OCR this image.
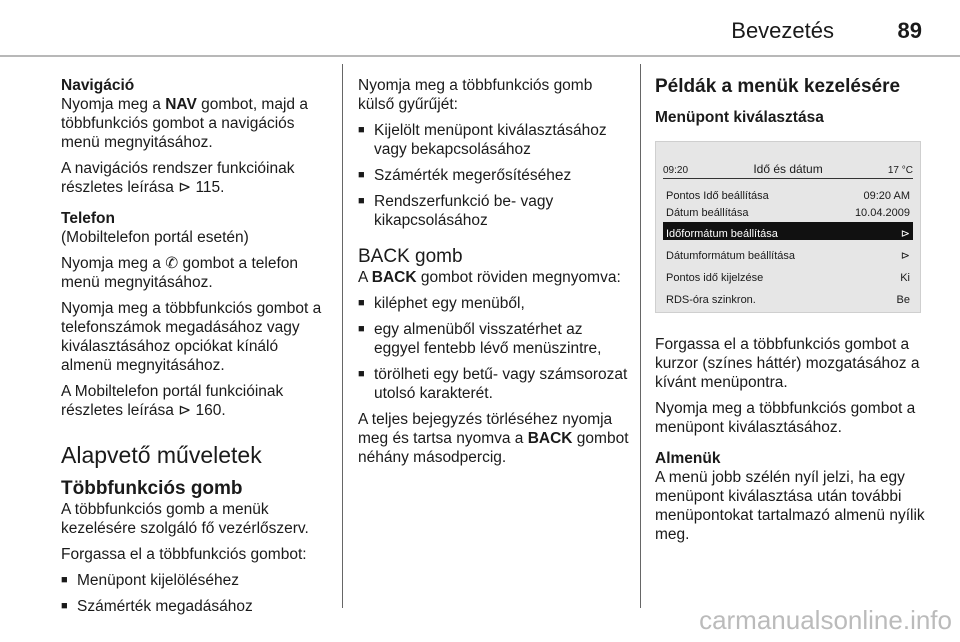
Bevezetés	89
Navigáció

Nyomja meg a NAV gombot, majd a többfunkciós gombot a navigációs menü megnyitásához.

A navigációs rendszer funkcióinak részletes leírása ⊳ 115.

Telefon

(Mobiltelefon portál esetén)

Nyomja meg a ✆ gombot a telefon menü megnyitásához.

Nyomja meg a többfunkciós gombot a telefonszámok megadásához vagy kiválasztásához opciókat kínáló almenü megnyitásához.

A Mobiltelefon portál funkcióinak részletes leírása ⊳ 160.

Alapvető műveletek
Többfunkciós gomb

A többfunkciós gomb a menük kezelésére szolgáló fő vezérlőszerv.

Forgassa el a többfunkciós gombot:

■ Menüpont kijelöléséhez
■ Számérték megadásához

Nyomja meg a többfunkciós gomb külső gyűrűjét:

■ Kijelölt menüpont kiválasztásához vagy bekapcsolásához
■ Számérték megerősítéséhez
■ Rendszerfunkció be- vagy kikapcsolásához
BACK gomb

A BACK gombot röviden megnyomva:

■ kiléphet egy menüből,
■ egy almenüből visszatérhet az eggyel fentebb lévő menüszintre,
■ törölheti egy betű- vagy számsorozat utolsó karakterét.

A teljes bejegyzés törléséhez nyomja meg és tartsa nyomva a BACK gombot néhány másodpercig.

Példák a menük kezelésére
Menüpont kiválasztása
09:20	Idő és dátum	17 °C
Pontos Idő beállítása	09:20 AM
Dátum beállítása	10.04.2009
Időformátum beállítása	⊳
Dátumformátum beállítása	⊳
Pontos idő kijelzése	Ki
RDS-óra szinkron.	Be

Forgassa el a többfunkciós gombot a kurzor (színes háttér) mozgatásához a kívánt menüpontra.

Nyomja meg a többfunkciós gombot a menüpont kiválasztásához.

Almenük

A menü jobb szélén nyíl jelzi, ha egy menüpont kiválasztása után további menüpontokat tartalmazó almenü nyílik meg.

carmanualsonline.info
